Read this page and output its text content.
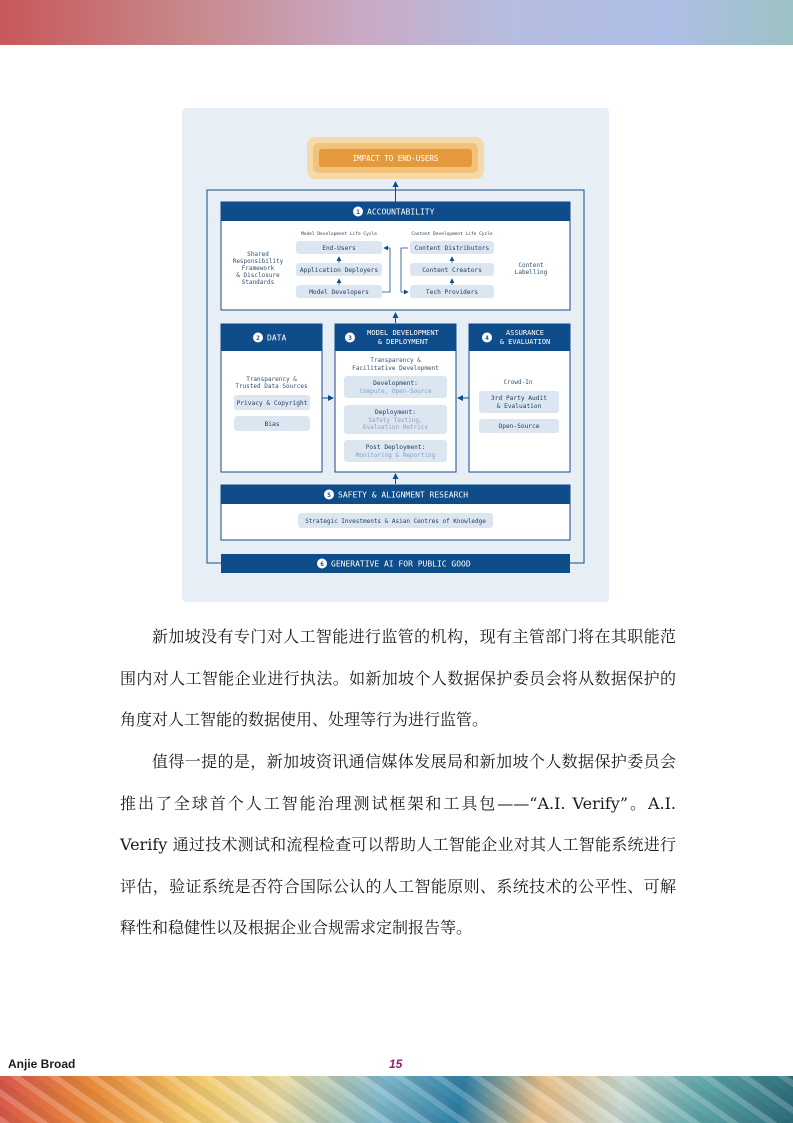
IMPACT TO END-USERS
1 ACCOUNTABILITY
Shared
Responsibility
Framework
& Disclosure
Standards
Model Development Life Cycle	Content Development Life Cycle
End-Users
Application Deployers
Model Developers
Content Distributors
Content Creators
Tech Providers
Content
Labelling
2 DATA
Transparency &
Trusted Data Sources
Privacy & Copyright
Bias
3
MODEL DEVELOPMENT
& DEPLOYMENT
Transparency &
Facilitative Development
Development:
Compute, Open-Source
Deployment:
Safety Testing,
Evaluation Metrics
Post Deployment:
Monitoring & Reporting
4
ASSURANCE
& EVALUATION
Crowd-In
3rd Party Audit
& Evaluation
Open-Source
5 SAFETY & ALIGNMENT RESEARCH
Strategic Investments & Asian Centres of Knowledge
6 GENERATIVE AI FOR PUBLIC GOOD

新加坡没有专门对人工智能进行监管的机构，现有主管部门将在其职能范围内对人工智能企业进行执法。如新加坡个人数据保护委员会将从数据保护的角度对人工智能的数据使用、处理等行为进行监管。

值得一提的是，新加坡资讯通信媒体发展局和新加坡个人数据保护委员会推出了全球首个人工智能治理测试框架和工具包——“A.I. Verify”。A.I. Verify 通过技术测试和流程检查可以帮助人工智能企业对其人工智能系统进行评估，验证系统是否符合国际公认的人工智能原则、系统技术的公平性、可解释性和稳健性以及根据企业合规需求定制报告等。

Anjie Broad	15
